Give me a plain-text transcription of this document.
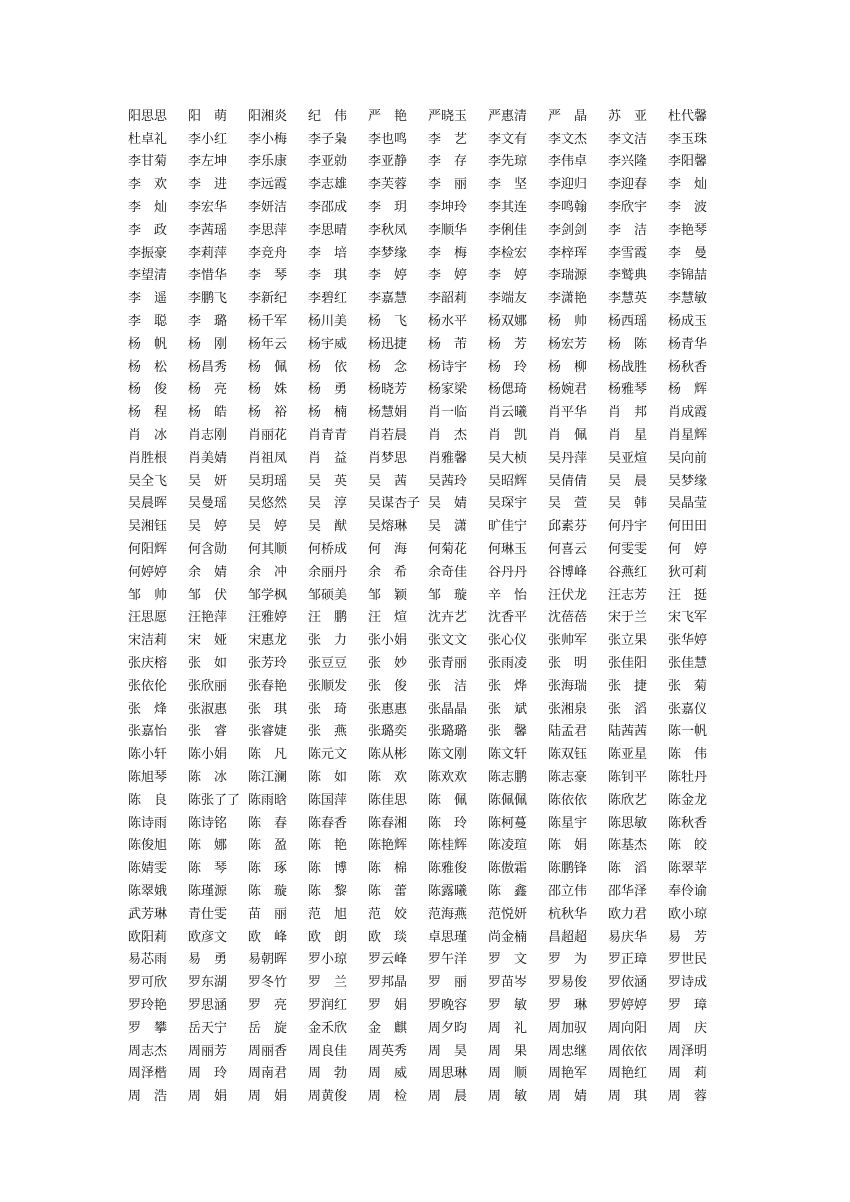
阳思思	阳　萌	阳湘炎	纪　伟	严　艳	严晓玉	严惠清	严　晶	苏　亚	杜代馨
杜卓礼	李小红	李小梅	李子枭	李也鸣	李　艺	李文有	李文杰	李文洁	李玉珠
李甘菊	李左坤	李乐康	李亚勍	李亚静	李　存	李先琼	李伟卓	李兴隆	李阳馨
李　欢	李　进	李远霞	李志雄	李芙蓉	李　丽	李　坚	李迎归	李迎春	李　灿
李　灿	李宏华	李妍洁	李邵成	李　玥	李坤玲	李其连	李鸣翰	李欣宇	李　波
李　政	李茜瑶	李思萍	李思晴	李秋凤	李顺华	李俐佳	李剑剑	李　洁	李艳琴
李振豪	李莉萍	李竞舟	李　培	李梦缘	李　梅	李检宏	李梓珲	李雪霞	李　曼
李望清	李惜华	李　琴	李　琪	李　婷	李　婷	李　婷	李瑞源	李鹫典	李锦喆
李　遥	李鹏飞	李新纪	李碧红	李嘉慧	李韶莉	李端友	李潇艳	李慧英	李慧敏
李　聪	李　璐	杨千军	杨川美	杨　飞	杨水平	杨双娜	杨　帅	杨西瑶	杨成玉
杨　帆	杨　刚	杨年云	杨宇威	杨迅捷	杨　芾	杨　芳	杨宏芳	杨　陈	杨青华
杨　松	杨昌秀	杨　佩	杨　依	杨　念	杨诗宇	杨　玲	杨　柳	杨战胜	杨秋香
杨　俊	杨　亮	杨　姝	杨　勇	杨晓芳	杨家梁	杨偲琦	杨婉君	杨雅琴	杨　辉
杨　程	杨　皓	杨　裕	杨　楠	杨慧娟	肖一临	肖云曦	肖平华	肖　邦	肖成霞
肖　冰	肖志刚	肖丽花	肖青青	肖若晨	肖　杰	肖　凯	肖　佩	肖　星	肖星辉
肖胜根	肖美婧	肖祖凤	肖　益	肖梦思	肖雅馨	吴大桢	吴丹萍	吴亚煊	吴向前
吴全飞	吴　妍	吴玥瑶	吴　英	吴　茜	吴茜玲	吴昭辉	吴倩倩	吴　晨	吴梦缘
吴晨晖	吴曼瑶	吴悠然	吴　淳	吴谋杏子 吴　婧	吴琛宇	吴　萱	吴　韩	吴晶莹
吴湘钰	吴　婷	吴　婷	吴　猷	吴熔琳	吴　潇	旷佳宁	邱素芬	何丹宇	何田田
何阳辉	何含勋	何其顺	何桥成	何　海	何菊花	何琳玉	何喜云	何雯雯	何　婷
何婷婷	余　婧	余　冲	余丽丹	余　希	余奇佳	谷丹丹	谷博峰	谷燕红	狄可莉
邹　帅	邹　伏	邹学枫	邹硕美	邹　颖	邹　璇	辛　怡	汪伏龙	汪志芳	汪　挺
汪思愿	汪艳萍	汪雅婷	汪　鹏	汪　煊	沈卉艺	沈香平	沈蓓蓓	宋于兰	宋飞军
宋洁莉	宋　娅	宋惠龙	张　力	张小娟	张文文	张心仪	张帅军	张立果	张华婷
张庆榕	张　如	张芳玲	张豆豆	张　妙	张青丽	张雨凌	张　明	张佳阳	张佳慧
张依伦	张欣丽	张春艳	张顺发	张　俊	张　洁	张　烨	张海瑞	张　捷	张　菊
张　烽	张淑惠	张　琪	张　琦	张惠惠	张晶晶	张　斌	张湘泉	张　滔	张嘉仪
张嘉怡	张　睿	张睿婕	张　燕	张璐奕	张璐璐	张　馨	陆孟君	陆茜茜	陈一帆
陈小轩	陈小娟	陈　凡	陈元文	陈从彬	陈文刚	陈文轩	陈双钰	陈亚星	陈　伟
陈旭琴	陈　冰	陈江澜	陈　如	陈　欢	陈欢欢	陈志鹏	陈志豪	陈钊平	陈牡丹
陈　良	陈张了了 陈雨晗	陈国萍	陈佳思	陈　佩	陈佩佩	陈依依	陈欣艺	陈金龙
陈诗雨	陈诗铭	陈　春	陈春香	陈春湘	陈　玲	陈柯蔓	陈星宇	陈思敏	陈秋香
陈俊旭	陈　娜	陈　盈	陈　艳	陈艳辉	陈桂辉	陈凌瑄	陈　娟	陈基杰	陈　皎
陈婧雯	陈　琴	陈　琢	陈　博	陈　棉	陈雅俊	陈傲霜	陈鹏锋	陈　滔	陈翠苹
陈翠娥	陈瑾源	陈　璇	陈　黎	陈　蕾	陈露曦	陈　鑫	邵立伟	邵华泽	奉伶谕
武芳琳	青仕雯	苗　丽	范　旭	范　姣	范海燕	范悦妍	杭秋华	欧力君	欧小琼
欧阳莉	欧彦文	欧　峰	欧　朗	欧　琰	卓思瑾	尚金楠	昌超超	易庆华	易　芳
易芯雨	易　勇	易朝晖	罗小琼	罗云峰	罗午洋	罗　文	罗　为	罗正璋	罗世民
罗可欣	罗东湖	罗冬竹	罗　兰	罗邦晶	罗　丽	罗苗岑	罗易俊	罗依涵	罗诗成
罗玲艳	罗思涵	罗　亮	罗润红	罗　娟	罗晚容	罗　敏	罗　琳	罗婷婷	罗　璋
罗　攀	岳天宁	岳　旋	金禾欣	金　麒	周夕昀	周　礼	周加驭	周向阳	周　庆
周志杰	周丽芳	周丽香	周良佳	周英秀	周　昊	周　果	周忠继	周依依	周泽明
周泽楷	周　玲	周南君	周　勃	周　威	周思琳	周　顺	周艳军	周艳红	周　莉
周　浩	周　娟	周　娟	周黄俊	周　检	周　晨	周　敏	周　婧	周　琪	周　蓉
